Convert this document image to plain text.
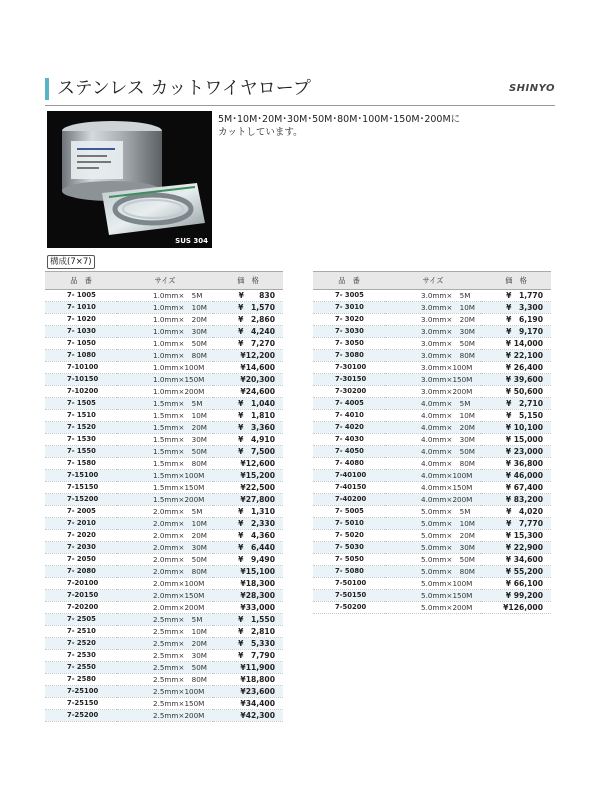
ステンレス カットワイヤロープ	SHINYO
SUS 304
5M･10M･20M･30M･50M･80M･100M･150M･200Mに
カットしています。
構成(7×7)
品　番	サイズ	価　格
7- 1005	1.0mm×　5M	¥　　830
7- 1010	1.0mm×　10M	¥　1,570
7- 1020	1.0mm×　20M	¥　2,860
7- 1030	1.0mm×　30M	¥　4,240
7- 1050	1.0mm×　50M	¥　7,270
7- 1080	1.0mm×　80M	¥12,200
7-10100	1.0mm×100M	¥14,600
7-10150	1.0mm×150M	¥20,300
7-10200	1.0mm×200M	¥24,600
7- 1505	1.5mm×　5M	¥　1,040
7- 1510	1.5mm×　10M	¥　1,810
7- 1520	1.5mm×　20M	¥　3,360
7- 1530	1.5mm×　30M	¥　4,910
7- 1550	1.5mm×　50M	¥　7,500
7- 1580	1.5mm×　80M	¥12,600
7-15100	1.5mm×100M	¥15,200
7-15150	1.5mm×150M	¥22,500
7-15200	1.5mm×200M	¥27,800
7- 2005	2.0mm×　5M	¥　1,310
7- 2010	2.0mm×　10M	¥　2,330
7- 2020	2.0mm×　20M	¥　4,360
7- 2030	2.0mm×　30M	¥　6,440
7- 2050	2.0mm×　50M	¥　9,490
7- 2080	2.0mm×　80M	¥15,100
7-20100	2.0mm×100M	¥18,300
7-20150	2.0mm×150M	¥28,300
7-20200	2.0mm×200M	¥33,000
7- 2505	2.5mm×　5M	¥　1,550
7- 2510	2.5mm×　10M	¥　2,810
7- 2520	2.5mm×　20M	¥　5,330
7- 2530	2.5mm×　30M	¥　7,790
7- 2550	2.5mm×　50M	¥11,900
7- 2580	2.5mm×　80M	¥18,800
7-25100	2.5mm×100M	¥23,600
7-25150	2.5mm×150M	¥34,400
7-25200	2.5mm×200M	¥42,300
品　番	サイズ	価　格
7- 3005	3.0mm×　5M	¥　1,770
7- 3010	3.0mm×　10M	¥　3,300
7- 3020	3.0mm×　20M	¥　6,190
7- 3030	3.0mm×　30M	¥　9,170
7- 3050	3.0mm×　50M	¥ 14,000
7- 3080	3.0mm×　80M	¥ 22,100
7-30100	3.0mm×100M	¥ 26,400
7-30150	3.0mm×150M	¥ 39,600
7-30200	3.0mm×200M	¥ 50,600
7- 4005	4.0mm×　5M	¥　2,710
7- 4010	4.0mm×　10M	¥　5,150
7- 4020	4.0mm×　20M	¥ 10,100
7- 4030	4.0mm×　30M	¥ 15,000
7- 4050	4.0mm×　50M	¥ 23,000
7- 4080	4.0mm×　80M	¥ 36,800
7-40100	4.0mm×100M	¥ 46,000
7-40150	4.0mm×150M	¥ 67,400
7-40200	4.0mm×200M	¥ 83,200
7- 5005	5.0mm×　5M	¥　4,020
7- 5010	5.0mm×　10M	¥　7,770
7- 5020	5.0mm×　20M	¥ 15,300
7- 5030	5.0mm×　30M	¥ 22,900
7- 5050	5.0mm×　50M	¥ 34,600
7- 5080	5.0mm×　80M	¥ 55,200
7-50100	5.0mm×100M	¥ 66,100
7-50150	5.0mm×150M	¥ 99,200
7-50200	5.0mm×200M	¥126,000
